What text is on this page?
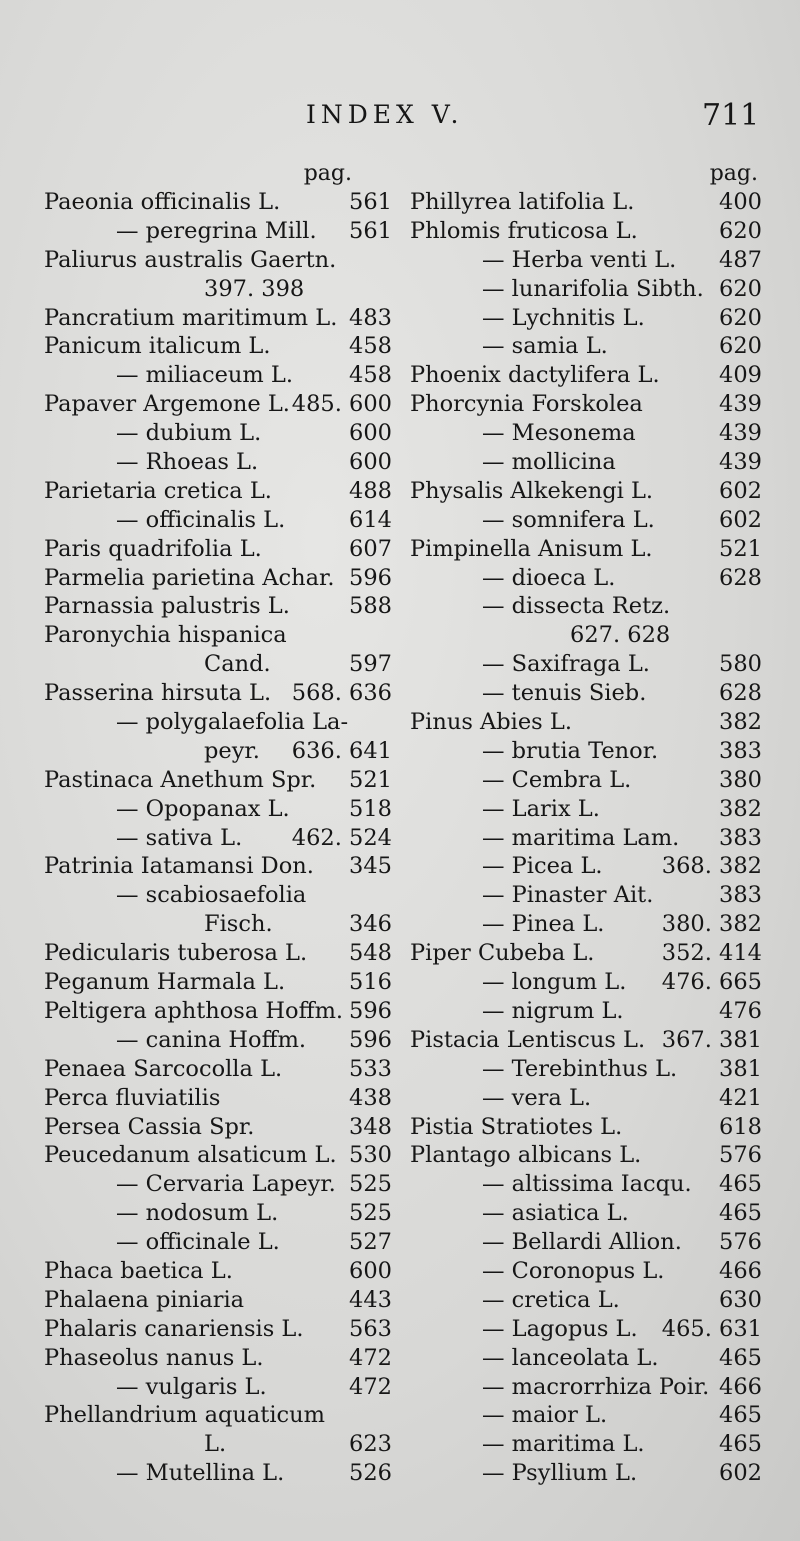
INDEX V.	711
pag.
Paeonia officinalis L.	561
— peregrina Mill.	561
Paliurus australis Gaertn.
397. 398
Pancratium maritimum L. 483
Panicum italicum L.	458
— miliaceum L.	458
Papaver Argemone L. 485. 600
— dubium L.	600
— Rhoeas L.	600
Parietaria cretica L.	488
— officinalis L.	614
Paris quadrifolia L.	607
Parmelia parietina Achar. 596
Parnassia palustris L.	588
Paronychia hispanica
Cand.	597
Passerina hirsuta L. 568. 636
— polygalaefolia La-
peyr.	636. 641
Pastinaca Anethum Spr.	521
— Opopanax L.	518
— sativa L.	462. 524
Patrinia Iatamansi Don.	345
— scabiosaefolia
Fisch.	346
Pedicularis tuberosa L.	548
Peganum Harmala L.	516
Peltigera aphthosa Hoffm. 596
— canina Hoffm.	596
Penaea Sarcocolla L.	533
Perca fluviatilis	438
Persea Cassia Spr.	348
Peucedanum alsaticum L. 530
— Cervaria Lapeyr. 525
— nodosum L.	525
— officinale L.	527
Phaca baetica L.	600
Phalaena piniaria	443
Phalaris canariensis L.	563
Phaseolus nanus L.	472
— vulgaris L.	472
Phellandrium aquaticum
L.	623
— Mutellina L.	526
pag.
Phillyrea latifolia L.	400
Phlomis fruticosa L.	620
— Herba venti L.	487
— lunarifolia Sibth. 620
— Lychnitis L.	620
— samia L.	620
Phoenix dactylifera L.	409
Phorcynia Forskolea	439
— Mesonema	439
— mollicina	439
Physalis Alkekengi L.	602
— somnifera L.	602
Pimpinella Anisum L.	521
— dioeca L.	628
— dissecta Retz.
627. 628
— Saxifraga L.	580
— tenuis Sieb.	628
Pinus Abies L.	382
— brutia Tenor.	383
— Cembra L.	380
— Larix L.	382
— maritima Lam.	383
— Picea L.	368. 382
— Pinaster Ait.	383
— Pinea L.	380. 382
Piper Cubeba L.	352. 414
— longum L.	476. 665
— nigrum L.	476
Pistacia Lentiscus L. 367. 381
— Terebinthus L.	381
— vera L.	421
Pistia Stratiotes L.	618
Plantago albicans L.	576
— altissima Iacqu.	465
— asiatica L.	465
— Bellardi Allion.	576
— Coronopus L.	466
— cretica L.	630
— Lagopus L.	465. 631
— lanceolata L.	465
— macrorrhiza Poir. 466
— maior L.	465
— maritima L.	465
— Psyllium L.	602
